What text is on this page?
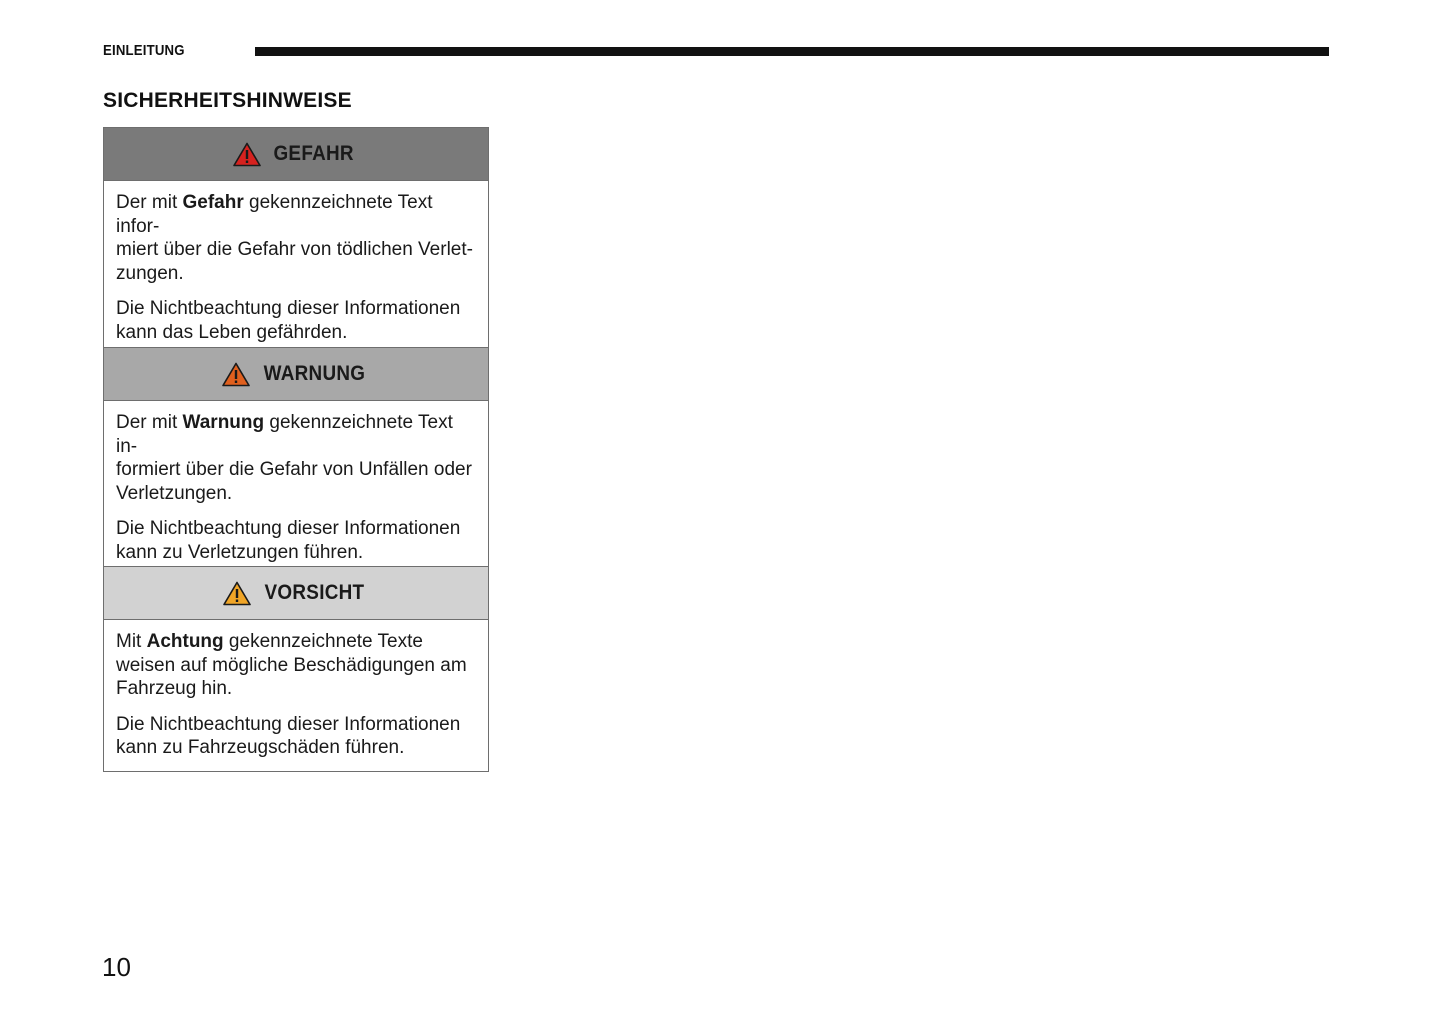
EINLEITUNG
SICHERHEITSHINWEISE
GEFAHR

Der mit Gefahr gekennzeichnete Text infor-
miert über die Gefahr von tödlichen Verlet-
zungen.

Die Nichtbeachtung dieser Informationen
kann das Leben gefährden.

WARNUNG

Der mit Warnung gekennzeichnete Text in-
formiert über die Gefahr von Unfällen oder
Verletzungen.

Die Nichtbeachtung dieser Informationen
kann zu Verletzungen führen.

VORSICHT

Mit Achtung gekennzeichnete Texte
weisen auf mögliche Beschädigungen am
Fahrzeug hin.

Die Nichtbeachtung dieser Informationen
kann zu Fahrzeugschäden führen.

10
